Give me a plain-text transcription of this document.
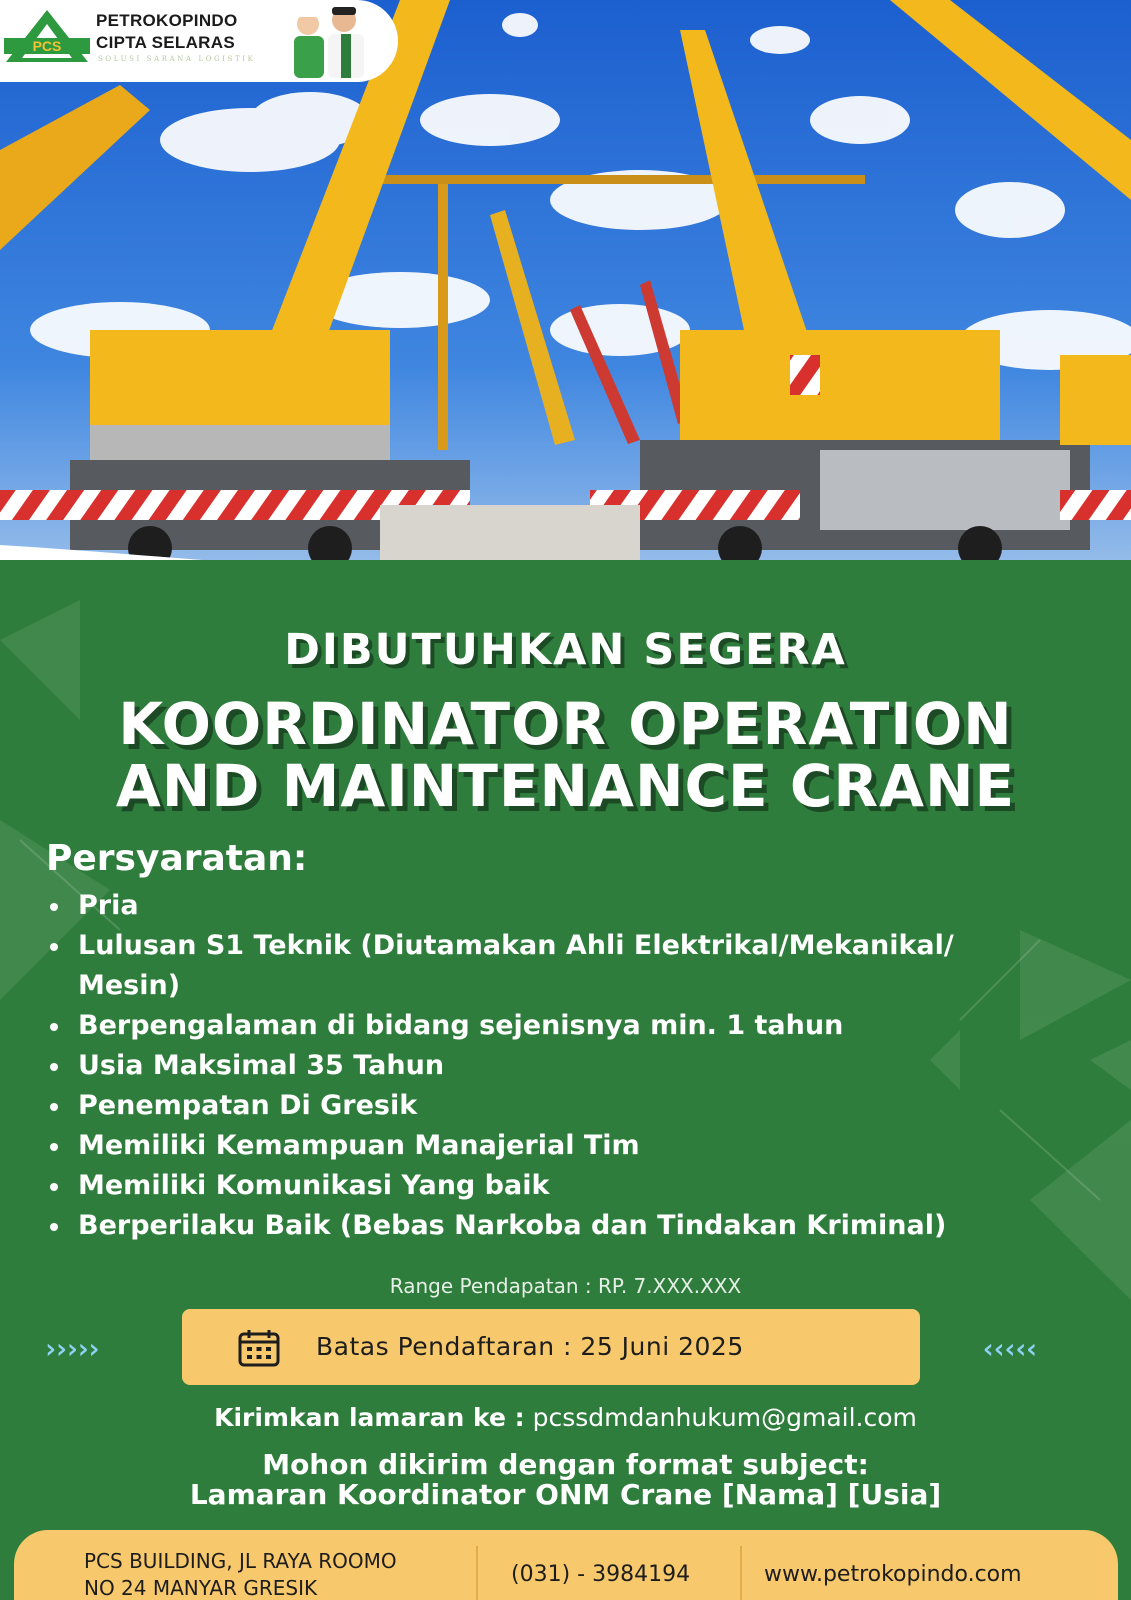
PCS
PETROKOPINDO
CIPTA SELARAS
SOLUSI SARANA LOGISTIK
DIBUTUHKAN SEGERA
KOORDINATOR OPERATION
AND MAINTENANCE CRANE
Persyaratan:
Pria
Lulusan S1 Teknik (Diutamakan Ahli Elektrikal/Mekanikal/
Mesin)
Berpengalaman di bidang sejenisnya min. 1 tahun
Usia Maksimal 35 Tahun
Penempatan Di Gresik
Memiliki Kemampuan Manajerial Tim
Memiliki Komunikasi Yang baik
Berperilaku Baik (Bebas Narkoba dan Tindakan Kriminal)
Range Pendapatan : RP. 7.XXX.XXX
›››››	Batas Pendaftaran : 25 Juni 2025	‹‹‹‹‹
Kirimkan lamaran ke : pcssdmdanhukum@gmail.com
Mohon dikirim dengan format subject:
Lamaran Koordinator ONM Crane [Nama] [Usia]
PCS BUILDING, JL RAYA ROOMO
NO 24 MANYAR GRESIK
(031) - 3984194	www.petrokopindo.com
